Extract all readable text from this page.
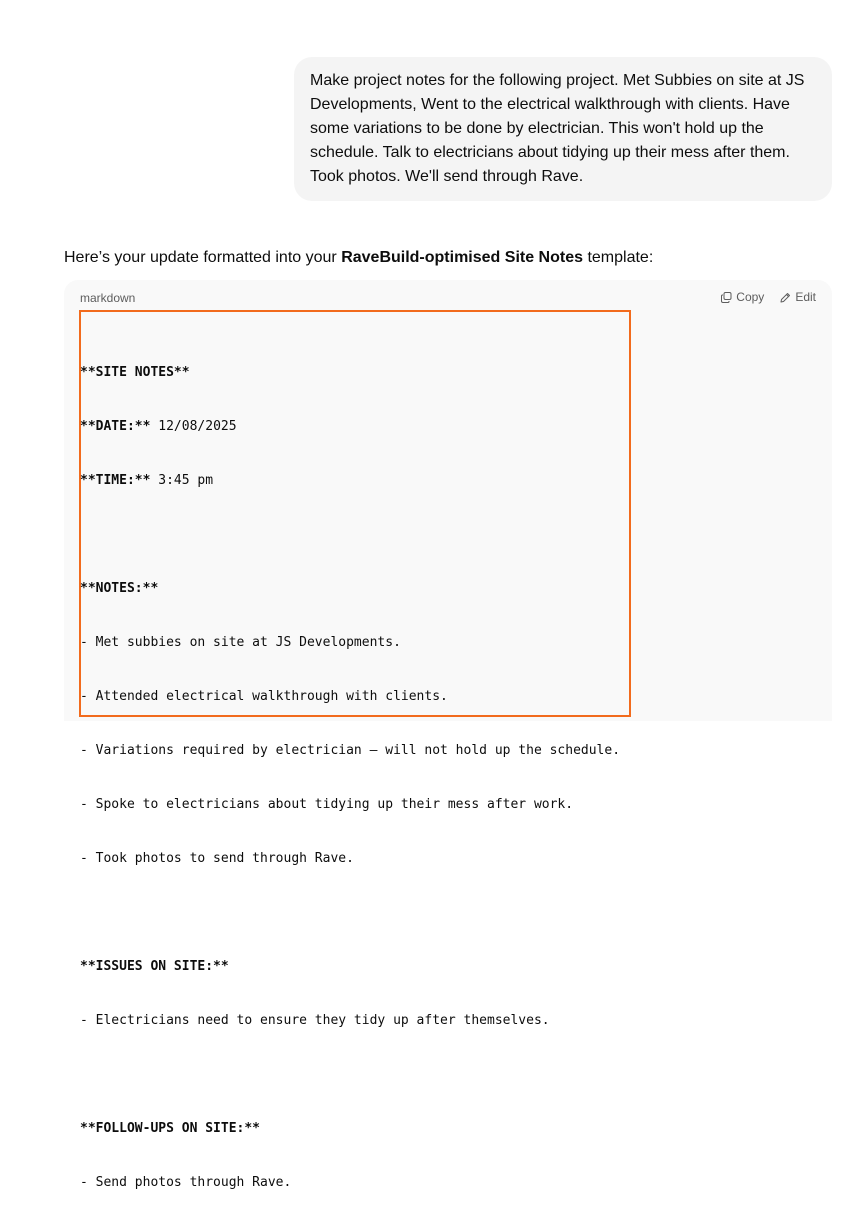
Make project notes for the following project. Met Subbies on site at JS Developments, Went to the electrical walkthrough with clients. Have some variations to be done by electrician. This won't hold up the schedule. Talk to electricians about tidying up their mess after them. Took photos. We'll send through Rave.
Here’s your update formatted into your RaveBuild-optimised Site Notes template:
markdown	Copy	Edit

**SITE NOTES**

**DATE:** 12/08/2025

**TIME:** 3:45 pm

**NOTES:**

- Met subbies on site at JS Developments.

- Attended electrical walkthrough with clients.

- Variations required by electrician – will not hold up the schedule.

- Spoke to electricians about tidying up their mess after work.

- Took photos to send through Rave.

**ISSUES ON SITE:**

- Electricians need to ensure they tidy up after themselves.

**FOLLOW-UPS ON SITE:**

- Send photos through Rave.
